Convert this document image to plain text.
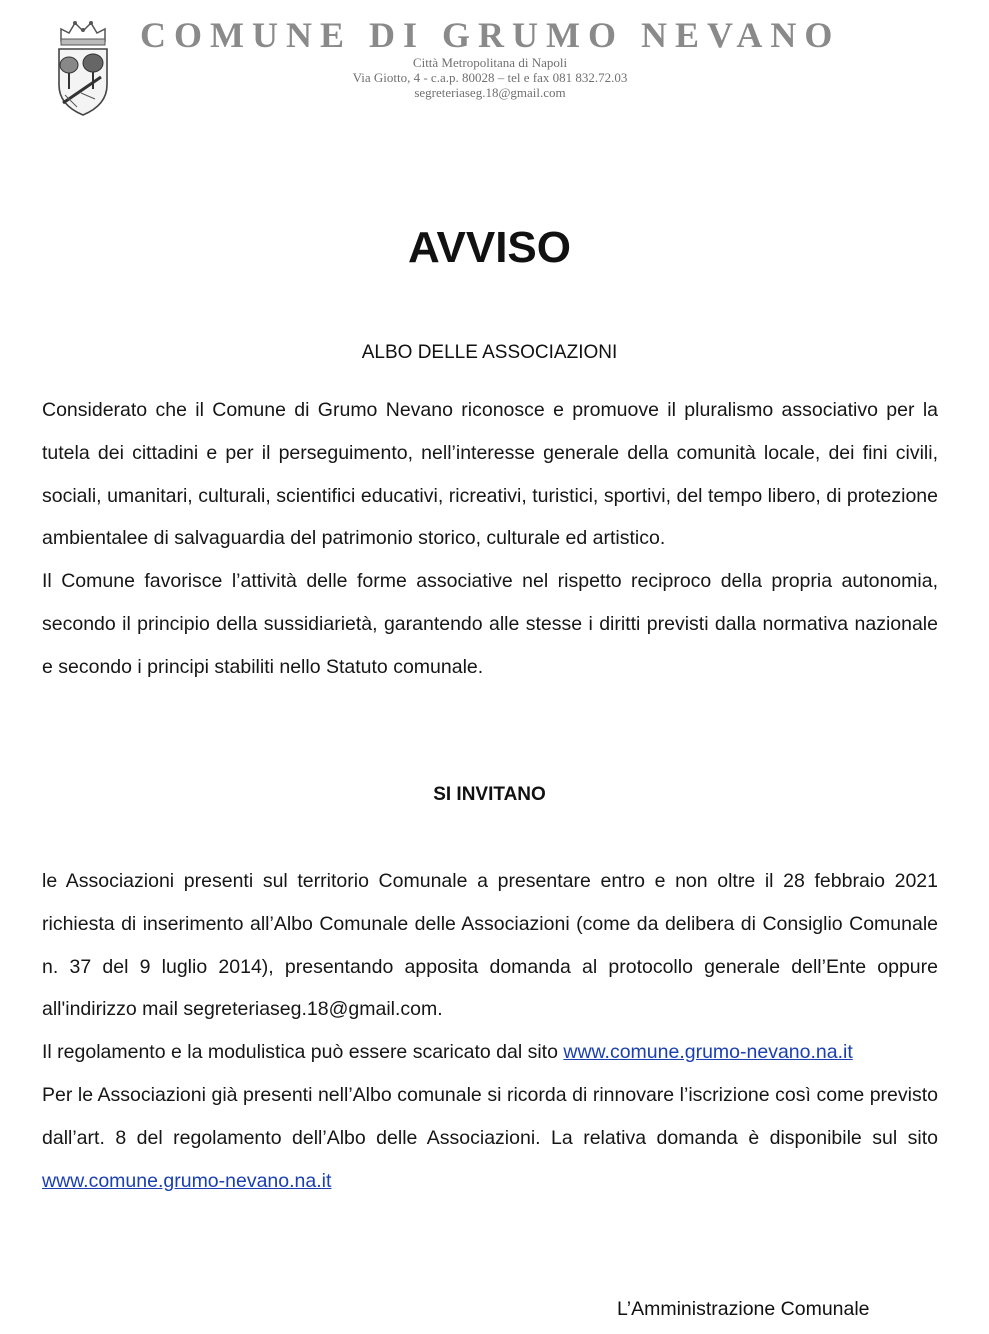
COMUNE DI GRUMO NEVANO
Città Metropolitana di Napoli
Via Giotto, 4 - c.a.p. 80028 – tel e fax 081 832.72.03
segreteriaseg.18@gmail.com
AVVISO
ALBO DELLE ASSOCIAZIONI

Considerato che il Comune di Grumo Nevano riconosce e promuove il pluralismo associativo per la tutela dei cittadini e per il perseguimento, nell’interesse generale della comunità locale, dei fini civili, sociali, umanitari, culturali, scientifici educativi, ricreativi, turistici, sportivi, del tempo libero, di protezione ambientalee di salvaguardia del patrimonio storico, culturale ed artistico.

Il Comune favorisce l’attività delle forme associative nel rispetto reciproco della propria autonomia, secondo il principio della sussidiarietà, garantendo alle stesse i diritti previsti dalla normativa nazionale e secondo i principi stabiliti nello Statuto comunale.

SI INVITANO

le Associazioni presenti sul territorio Comunale a presentare entro e non oltre il 28 febbraio 2021 richiesta di inserimento all’Albo Comunale delle Associazioni (come da delibera di Consiglio Comunale n. 37 del 9 luglio 2014), presentando apposita domanda al protocollo generale dell’Ente oppure all'indirizzo mail segreteriaseg.18@gmail.com.

Il regolamento e la modulistica può essere scaricato dal sito www.comune.grumo-nevano.na.it

Per le Associazioni già presenti nell’Albo comunale si ricorda di rinnovare l’iscrizione così come previsto dall’art. 8 del regolamento dell’Albo delle Associazioni. La relativa domanda è disponibile sul sito www.comune.grumo-nevano.na.it

L’Amministrazione Comunale
